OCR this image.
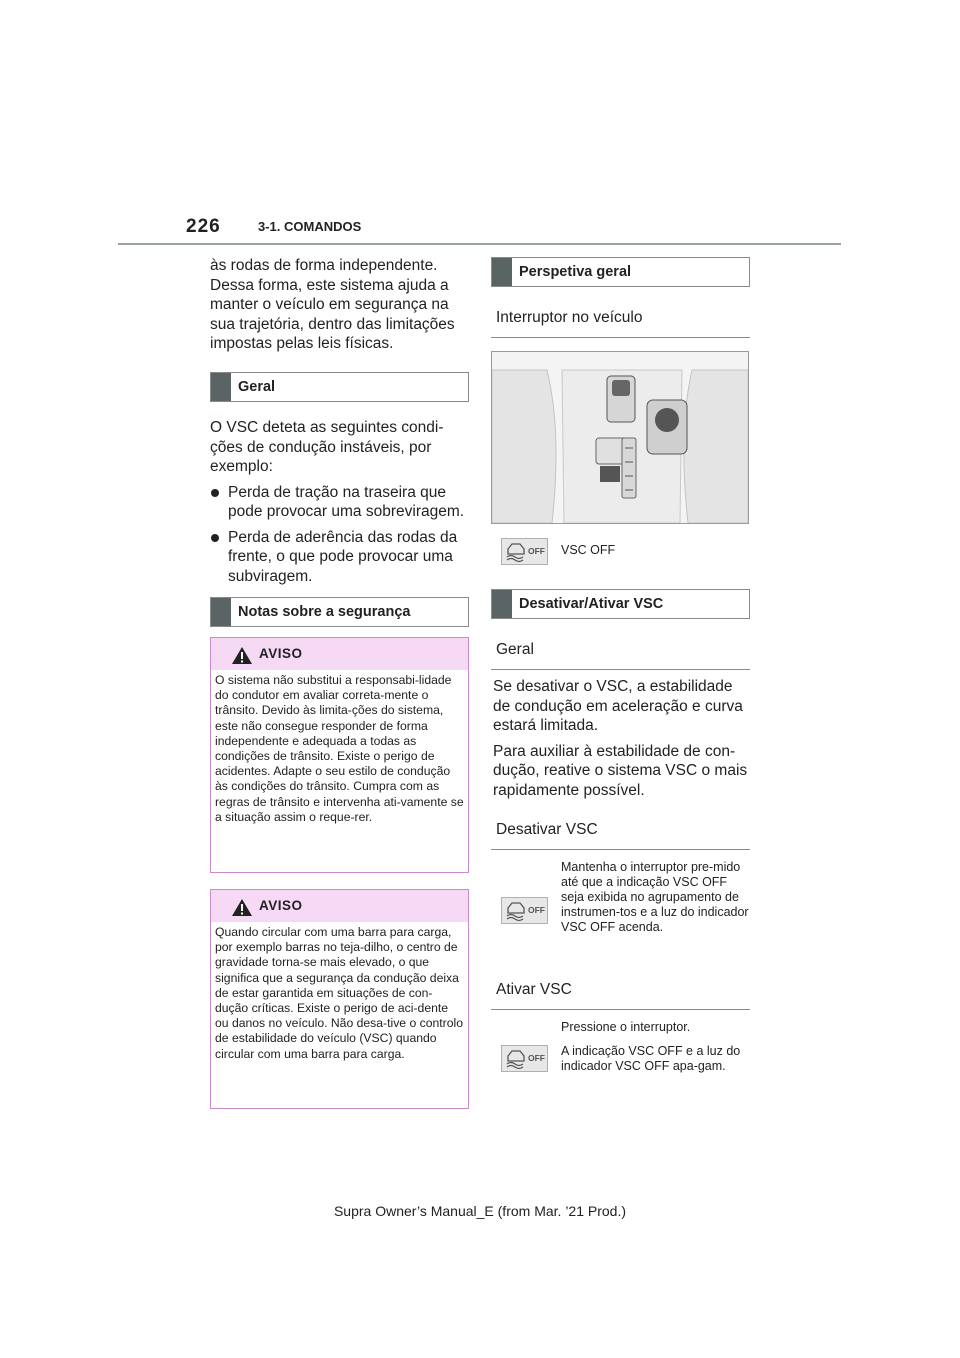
226	3-1. COMANDOS

às rodas de forma independente. Dessa forma, este sistema ajuda a manter o veículo em segurança na sua trajetória, dentro das limitações impostas pelas leis físicas.

Geral

O VSC deteta as seguintes condi-ções de condução instáveis, por exemplo:

Perda de tração na traseira que pode provocar uma sobreviragem.
Perda de aderência das rodas da frente, o que pode provocar uma subviragem.
Notas sobre a segurança
AVISO
O sistema não substitui a responsabi-lidade do condutor em avaliar correta-mente o trânsito. Devido às limita-ções do sistema, este não consegue responder de forma independente e adequada a todas as condições de trânsito. Existe o perigo de acidentes. Adapte o seu estilo de condução às condições do trânsito. Cumpra com as regras de trânsito e intervenha ati-vamente se a situação assim o reque-rer.
AVISO
Quando circular com uma barra para carga, por exemplo barras no teja-dilho, o centro de gravidade torna-se mais elevado, o que significa que a segurança da condução deixa de estar garantida em situações de con-dução críticas. Existe o perigo de aci-dente ou danos no veículo. Não desa-tive o controlo de estabilidade do veículo (VSC) quando circular com uma barra para carga.
Perspetiva geral
Interruptor no veículo
OFF VSC OFF
Desativar/Ativar VSC
Geral

Se desativar o VSC, a estabilidade de condução em aceleração e curva estará limitada.

Para auxiliar à estabilidade de con-dução, reative o sistema VSC o mais rapidamente possível.

Desativar VSC
OFF
Mantenha o interruptor pre-mido até que a indicação VSC OFF seja exibida no agrupamento de instrumen-tos e a luz do indicador VSC OFF acenda.
Ativar VSC
Pressione o interruptor.
OFF A indicação VSC OFF e a luz do indicador VSC OFF apa-gam.
Supra Owner’s Manual_E (from Mar. ’21 Prod.)
